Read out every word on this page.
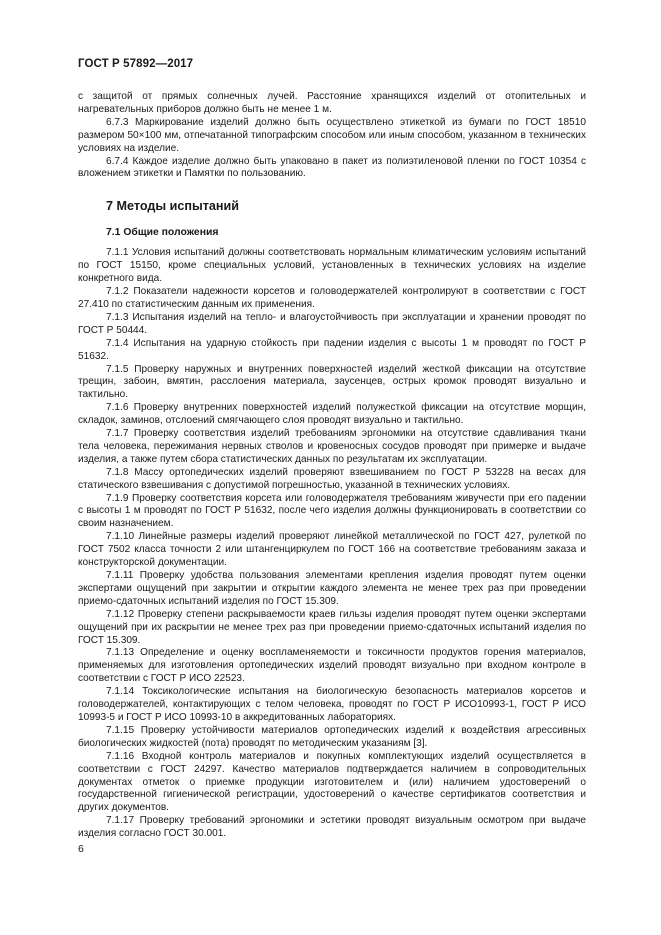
ГОСТ Р 57892—2017

с защитой от прямых солнечных лучей. Расстояние хранящихся изделий от отопительных и нагревательных приборов должно быть не менее 1 м.

6.7.3 Маркирование изделий должно быть осуществлено этикеткой из бумаги по ГОСТ 18510 размером 50×100 мм, отпечатанной типографским способом или иным способом, указанном в технических условиях на изделие.

6.7.4 Каждое изделие должно быть упаковано в пакет из полиэтиленовой пленки по ГОСТ 10354 с вложением этикетки и Памятки по пользованию.

7 Методы испытаний
7.1 Общие положения

7.1.1 Условия испытаний должны соответствовать нормальным климатическим условиям испытаний по ГОСТ 15150, кроме специальных условий, установленных в технических условиях на изделие конкретного вида.

7.1.2 Показатели надежности корсетов и головодержателей контролируют в соответствии с ГОСТ 27.410 по статистическим данным их применения.

7.1.3 Испытания изделий на тепло- и влагоустойчивость при эксплуатации и хранении проводят по ГОСТ Р 50444.

7.1.4 Испытания на ударную стойкость при падении изделия с высоты 1 м проводят по ГОСТ Р 51632.

7.1.5 Проверку наружных и внутренних поверхностей изделий жесткой фиксации на отсутствие трещин, забоин, вмятин, расслоения материала, заусенцев, острых кромок проводят визуально и тактильно.

7.1.6 Проверку внутренних поверхностей изделий полужесткой фиксации на отсутствие морщин, складок, заминов, отслоений смягчающего слоя проводят визуально и тактильно.

7.1.7 Проверку соответствия изделий требованиям эргономики на отсутствие сдавливания ткани тела человека, пережимания нервных стволов и кровеносных сосудов проводят при примерке и выдаче изделия, а также путем сбора статистических данных по результатам их эксплуатации.

7.1.8 Массу ортопедических изделий проверяют взвешиванием по ГОСТ Р 53228 на весах для статического взвешивания с допустимой погрешностью, указанной в технических условиях.

7.1.9 Проверку соответствия корсета или головодержателя требованиям живучести при его падении с высоты 1 м проводят по ГОСТ Р 51632, после чего изделия должны функционировать в соответствии со своим назначением.

7.1.10 Линейные размеры изделий проверяют линейкой металлической по ГОСТ 427, рулеткой по ГОСТ 7502 класса точности 2 или штангенциркулем по ГОСТ 166 на соответствие требованиям заказа и конструкторской документации.

7.1.11 Проверку удобства пользования элементами крепления изделия проводят путем оценки экспертами ощущений при закрытии и открытии каждого элемента не менее трех раз при проведении приемо-сдаточных испытаний изделия по ГОСТ 15.309.

7.1.12 Проверку степени раскрываемости краев гильзы изделия проводят путем оценки экспертами ощущений при их раскрытии не менее трех раз при проведении приемо-сдаточных испытаний изделия по ГОСТ 15.309.

7.1.13 Определение и оценку воспламеняемости и токсичности продуктов горения материалов, применяемых для изготовления ортопедических изделий проводят визуально при входном контроле в соответствии с ГОСТ Р ИСО 22523.

7.1.14 Токсикологические испытания на биологическую безопасность материалов корсетов и головодержателей, контактирующих с телом человека, проводят по ГОСТ Р ИСО10993-1, ГОСТ Р ИСО 10993-5 и ГОСТ Р ИСО 10993-10 в аккредитованных лабораториях.

7.1.15 Проверку устойчивости материалов ортопедических изделий к воздействия агрессивных биологических жидкостей (пота) проводят по методическим указаниям [3].

7.1.16 Входной контроль материалов и покупных комплектующих изделий осуществляется в соответствии с ГОСТ 24297. Качество материалов подтверждается наличием в сопроводительных документах отметок о приемке продукции изготовителем и (или) наличием удостоверений о государственной гигиенической регистрации, удостоверений о качестве сертификатов соответствия и других документов.

7.1.17 Проверку требований эргономики и эстетики проводят визуальным осмотром при выдаче изделия согласно ГОСТ 30.001.

6
